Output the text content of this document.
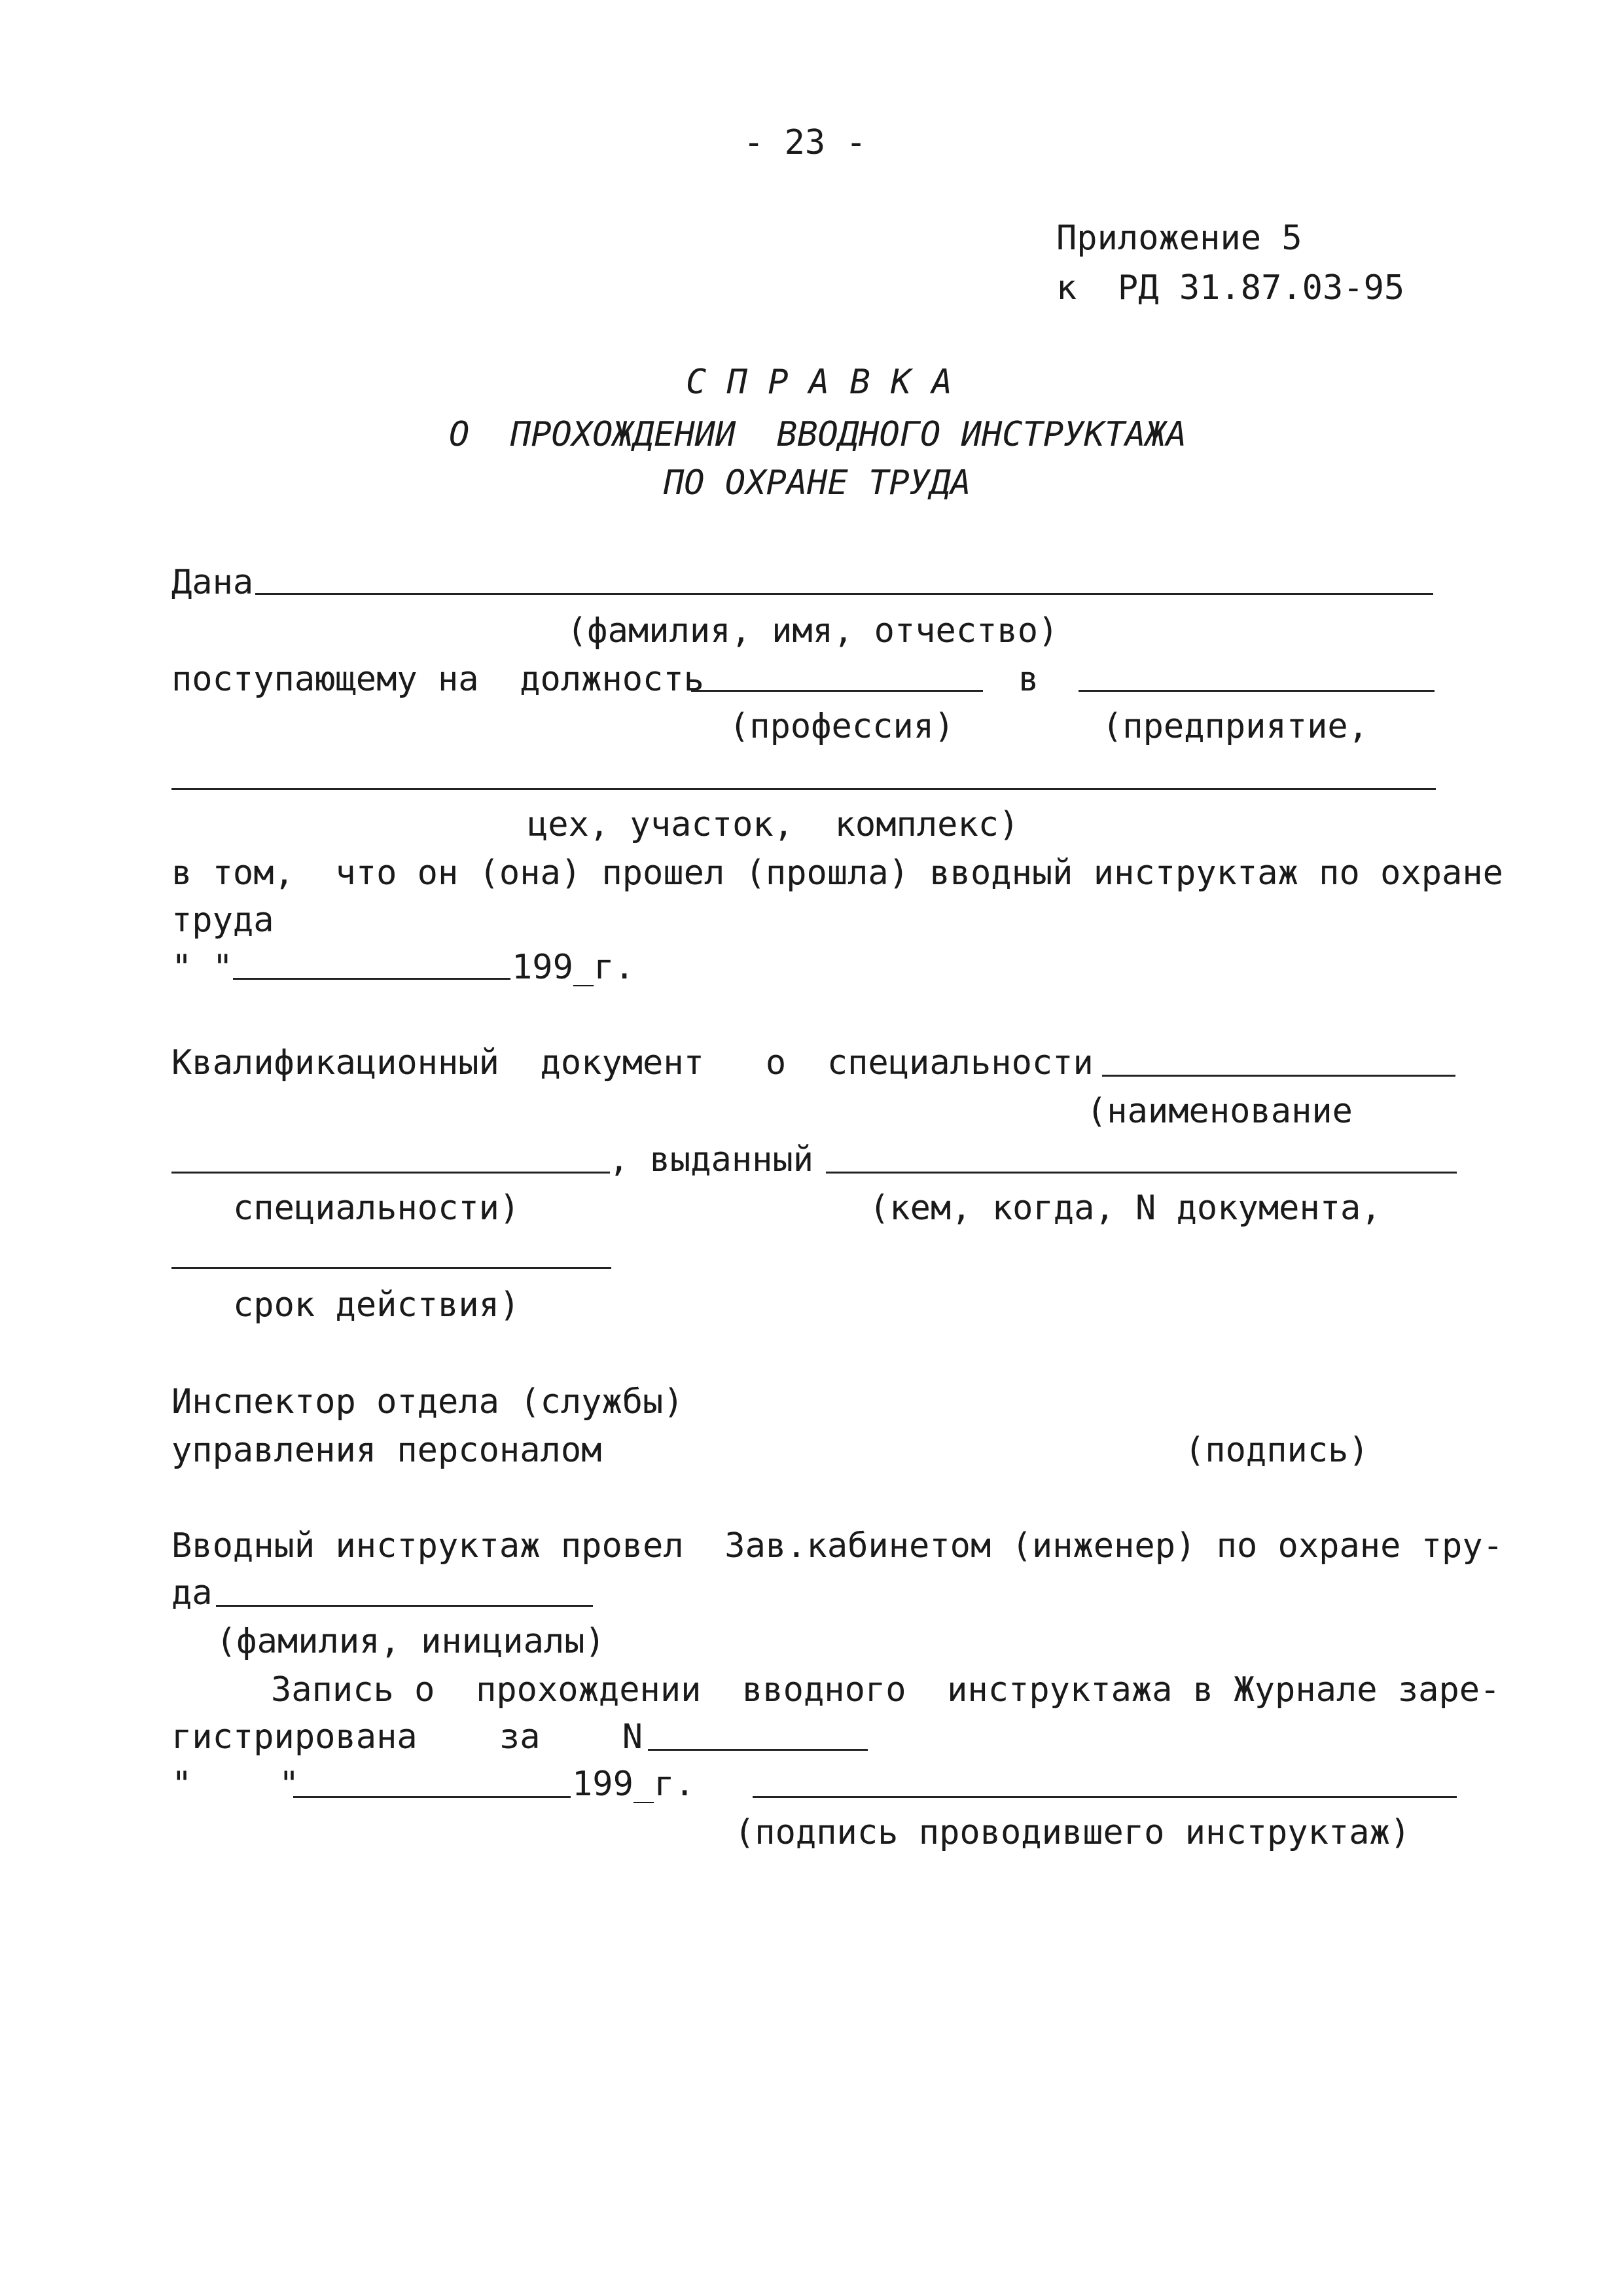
- 23 -
Приложение 5
к  РД 31.87.03-95
С П Р А В К А
О  ПРОХОЖДЕНИИ  ВВОДНОГО ИНСТРУКТАЖА
ПО ОХРАНЕ ТРУДА
Дана
(фамилия, имя, отчество)
поступающему на  должность	в
(профессия)	(предприятие,
цех, участок,  комплекс)
в том,  что он (она) прошел (прошла) вводный инструктаж по охране
труда
" "	199_г.
Квалификационный  документ   о  специальности
(наименование
, выданный
специальности)	(кем, когда, N документа,
срок действия)
Инспектор отдела (службы)
управления персоналом	(подпись)
Вводный инструктаж провел  Зав.кабинетом (инженер) по охране тру-
да
(фамилия, инициалы)
Запись о  прохождении  вводного  инструктажа в Журнале заре-
гистрирована    за    N
"	"	199_г.
(подпись проводившего инструктаж)
